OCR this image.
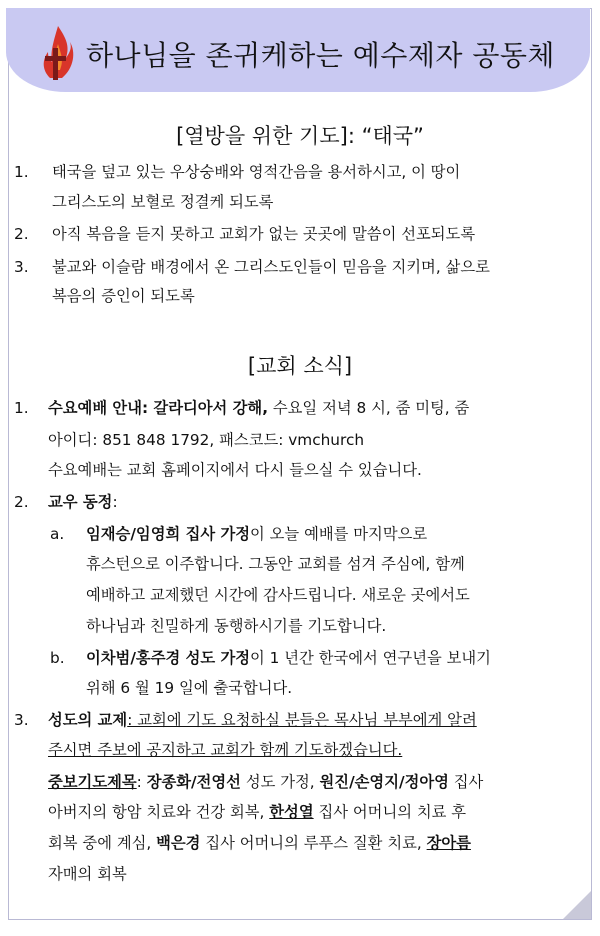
하나님을 존귀케하는 예수제자 공동체
[열방을 위한 기도]: “태국”
1. 태국을 덮고 있는 우상숭배와 영적간음을 용서하시고, 이 땅이
그리스도의 보혈로 정결케 되도록
2. 아직 복음을 듣지 못하고 교회가 없는 곳곳에 말씀이 선포되도록
3. 불교와 이슬람 배경에서 온 그리스도인들이 믿음을 지키며, 삶으로
복음의 증인이 되도록
[교회 소식]
1. 수요예배 안내: 갈라디아서 강해, 수요일 저녁 8 시, 줌 미팅, 줌
아이디: 851 848 1792, 패스코드: vmchurch
수요예배는 교회 홈페이지에서 다시 들으실 수 있습니다.
2. 교우 동정:
a. 임재승/임영희 집사 가정이 오늘 예배를 마지막으로
휴스턴으로 이주합니다. 그동안 교회를 섬겨 주심에, 함께
예배하고 교제했던 시간에 감사드립니다. 새로운 곳에서도
하나님과 친밀하게 동행하시기를 기도합니다.
b. 이차범/홍주경 성도 가정이 1 년간 한국에서 연구년을 보내기
위해 6 월 19 일에 출국합니다.
3. 성도의 교제: 교회에 기도 요청하실 분들은 목사님 부부에게 알려
주시면 주보에 공지하고 교회가 함께 기도하겠습니다.
중보기도제목: 장종화/전영선 성도 가정, 원진/손영지/정아영 집사
아버지의 항암 치료와 건강 회복, 한성열 집사 어머니의 치료 후
회복 중에 계심, 백은경 집사 어머니의 루푸스 질환 치료, 장아름
자매의 회복
